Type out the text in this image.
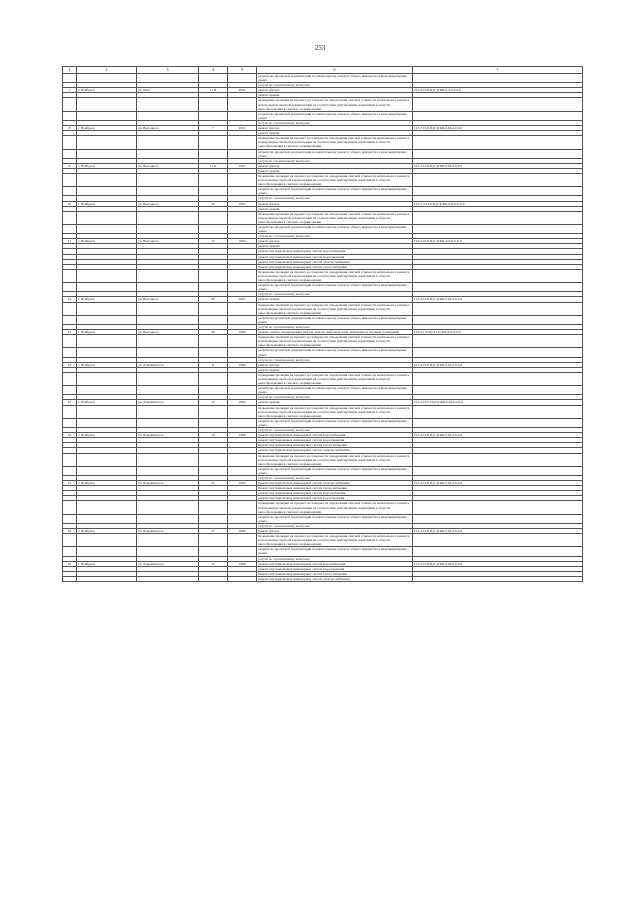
253
1	2	3	4	5	6	7
					разработка проектной документации на капитальному ремонту общего имущества в многоквартирных домах	
					услуги по строительному контролю	
7	г. Ноябрьск	ул. Шев	17 В	2002	ремонт фасада	П-5-6-П-8-П,[С]СКБ-0-0-0-0-0-0
					ремонт крыши	
					проведение проверки на предмет достоверности определения сметной стоимости капитального ремонта или проверки сметной документации на соответствие действующим нормативам в области ценообразования в сметного нормирования	
					разработка проектной документации на капитальному ремонту общего имущества в многоквартирных домах	
					услуги по строительному контролю	
8	г. Ноябрьск	ул. Высоцкого	7	1991	ремонт фасада	П-5-7-П-8-П,[С]СКБ-0-М-0-0-0-0
					ремонт крыши	
					проведение проверки на предмет достоверности определения сметной стоимости капитального ремонта или проверки сметной документации на соответствие действующим нормативам в области ценообразования в сметного нормирования	
					разработка проектной документации на капитальному ремонту общего имущества в многоквартирных домах	
					услуги по строительному контролю	
9	г. Ноябрьск	ул. Высоцкого	11 А	1991	ремонт фасада	П-5-7-П-8-П,[С]СКБ-0-М-0-0-0-0
					ремонт крыши	
					проведение проверки на предмет достоверности определения сметной стоимости капитального ремонта или проверки сметной документации на соответствие действующим нормативам в области ценообразования в сметного нормирования	
					разработка проектной документации на капитальному ремонту общего имущества в многоквартирных домах	
					услуги по строительному контролю	
10	г. Ноябрьск	ул. Высоцкого	20	1997	ремонт фасада	П-5-7-2-П-9-П,[С]СКБ-Л-0-0-0-0-0
					ремонт крыши	
					проведение проверки на предмет достоверности определения сметной стоимости капитального ремонта или проверки сметной документации на соответствие действующим нормативам в области ценообразования в сметного нормирования	
					разработка проектной документации на капитальному ремонту общего имущества в многоквартирных домах	
					услуги по строительному контролю	
11	г. Ноябрьск	ул. Высоцкого	22	1994	ремонт фасада	П-9-2-П-8-П,[С]СКБ-Л-0-0-0-0-0
					ремонт крыши	
					ремонт внутридомовых инженерных систем водоснабжения	
					ремонт внутридомовых инженерных систем водоотведения	
					ремонт внутридомовых инженерных систем электроснабжения	
					Ремонт внутридомовых инженерных систем теплоснабжения	
					проведение проверки на предмет достоверности определения сметной стоимости капитального ремонта или проверки сметной документации на соответствие действующим нормативам в области ценообразования в сметного нормирования	
					разработка проектной документации на капитальному ремонту общего имущества в многоквартирных домах	
					услуги по строительному контролю	
12	г. Ноябрьск	ул. Высоцкого	28	1991	ремонт крыши	П-5-6-П-8-П,[С]СКБ-0-М-0-0-0-0
					проведение проверки на предмет достоверности определения сметной стоимости капитального ремонта или проверки сметной документации на соответствие действующим нормативам в области ценообразования в сметного нормирования	
					разработка проектной документации на капитальному ремонту общего имущества в многоквартирных домах	
					услуги по строительному контролю	
13	г. Ноябрьск	ул. Высоцкого	36	1996	ремонт, замена, модернизация лифтов, ремонт лифтовых шахт, машинных и блочных помещений	П-9-2-(Эс-0)-0-П,СКБ-Л-0-0-0-0
					проведение проверки на предмет достоверности определения сметной стоимости капитального ремонта или проверки сметной документации на соответствие действующим нормативам в области ценообразования в сметного нормирования	
					разработка проектной документации на капитальному ремонту общего имущества в многоквартирных домах	
					услуги по строительному контролю	
14	г. Ноябрьск	ул. Дзержинского	11	1989	ремонт фасада	П-5-6-П-8-П,[С]СКБ-0-М-0-0-0-0
					ремонт крыши	
					проведение проверки на предмет достоверности определения сметной стоимости капитального ремонта или проверки сметной документации на соответствие действующим нормативам в области ценообразования в сметного нормирования	
					разработка проектной документации на капитальному ремонту общего имущества в многоквартирных домах	
					услуги по строительному контролю	
15	г. Ноябрьск	ул. Дзержинского	13	1993	ремонт крыши	П-5-2-П-С-П,[С]СКБ-0-М-0-0-0-0
					проведение проверки на предмет достоверности определения сметной стоимости капитального ремонта или проверки сметной документации на соответствие действующим нормативам в области ценообразования в сметного нормирования	
					разработка проектной документации на капитальному ремонту общего имущества в многоквартирных домах	
					услуги по строительному контролю	
16	г. Ноябрьск	ул. Дзержинского	19	1988	ремонт внутридомовых инженерных систем водоснабжения	П-5-6-П-8-П,[С]СКБ-0-М-0-0-0-0
					ремонт внутридомовых инженерных систем водоотведения	
					Ремонт внутридомовых инженерных систем теплоснабжения	
					ремонт внутридомовых инженерных систем электроснабжения	
					проведение проверки на предмет достоверности определения сметной стоимости капитального ремонта или проверки сметной документации на соответствие действующим нормативам в области ценообразования в сметного нормирования	
					разработка проектной документации на капитальному ремонту общего имущества в многоквартирных домах	
					услуги по строительному контролю	
17	г. Ноябрьск	ул. Дзержинского	21	1992	ремонт внутридомовых инженерных систем электроснабжения	П-5-6-П-8-П,[С]СКБ-0-М-0-0-0-0
					Ремонт внутридомовых инженерных систем теплоснабжения	
					ремонт внутридомовых инженерных систем водоснабжения	
					ремонт внутридомовых инженерных систем водоотведения	
					проведение проверки на предмет достоверности определения сметной стоимости капитального ремонта или проверки сметной документации на соответствие действующим нормативам в области ценообразования в сметного нормирования	
					разработка проектной документации на капитальному ремонту общего имущества в многоквартирных домах	
					услуги по строительному контролю	
18	г. Ноябрьск	ул. Дзержинского	37	1989	ремонт фасада	П-5-2-П-8-П,[С]СКБ-0-М-0-0-0-0
					проведение проверки на предмет достоверности определения сметной стоимости капитального ремонта или проверки сметной документации на соответствие действующим нормативам в области ценообразования в сметного нормирования	
					разработка проектной документации на капитальному ремонту общего имущества в многоквартирных домах	
					услуги по строительному контролю	
19	г. Ноябрьск	ул. Дзержинского	33	1988	ремонт внутридомовых инженерных систем водоснабжения	П-5-2-П-8-П,[С]СКБ-0-М-0-0-0-0
					ремонт внутридомовых инженерных систем водоотведения	
					Ремонт внутридомовых инженерных систем теплоснабжения	
					ремонт внутридомовых инженерных систем электроснабжения	
